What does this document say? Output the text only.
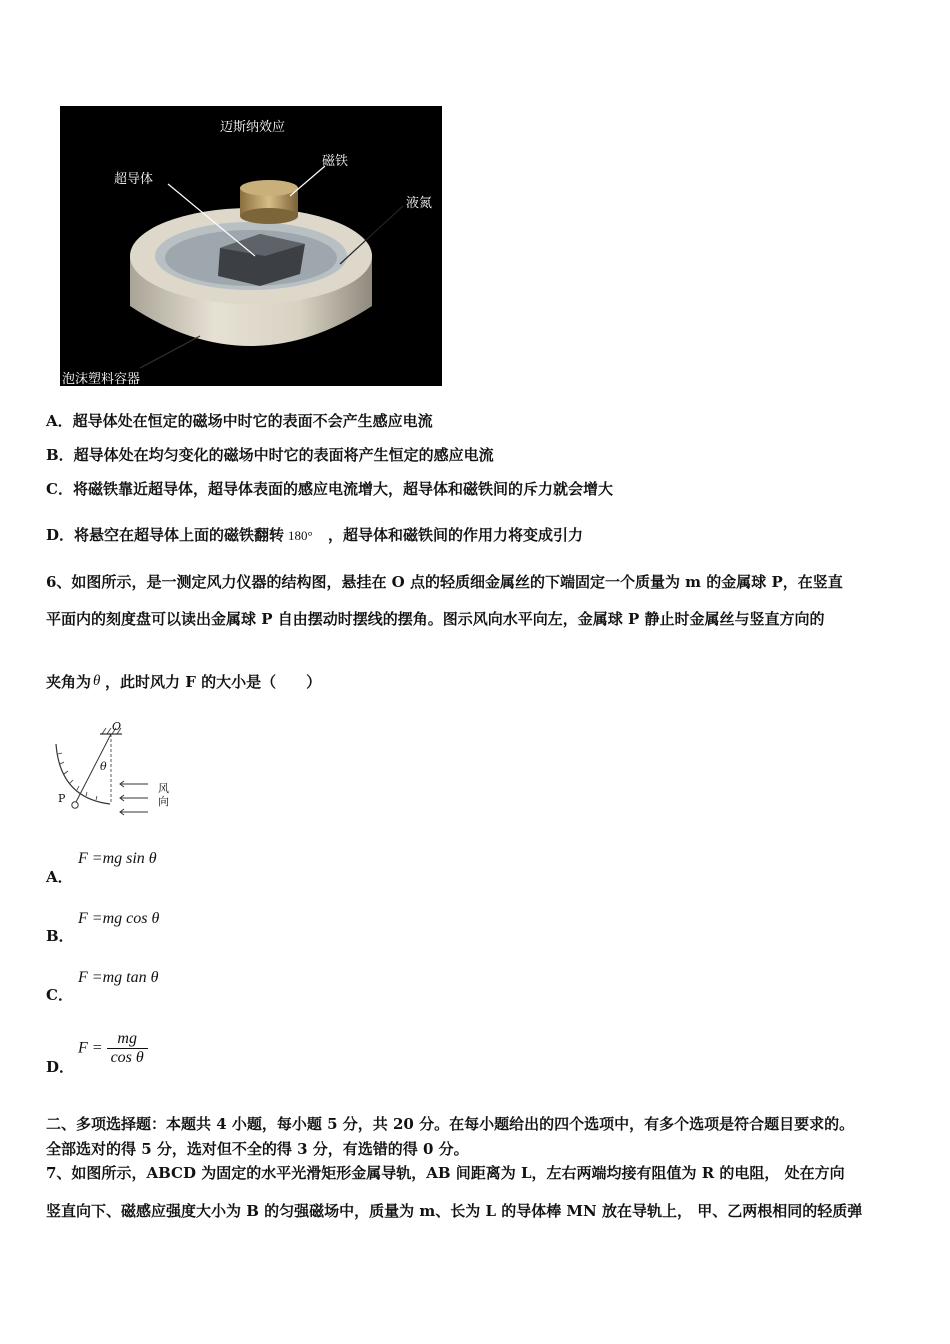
迈斯纳效应
超导体
磁铁
液氮
泡沫塑料容器
A．超导体处在恒定的磁场中时它的表面不会产生感应电流
B．超导体处在均匀变化的磁场中时它的表面将产生恒定的感应电流
C．将磁铁靠近超导体，超导体表面的感应电流增大，超导体和磁铁间的斥力就会增大
D．将悬空在超导体上面的磁铁翻转 180° ，超导体和磁铁间的作用力将变成引力
6、如图所示，是一测定风力仪器的结构图，悬挂在 O 点的轻质细金属丝的下端固定一个质量为 m 的金属球 P，在竖直
平面内的刻度盘可以读出金属球 P 自由摆动时摆线的摆角。图示风向水平向左，金属球 P 静止时金属丝与竖直方向的
夹角为 θ ，此时风力 F 的大小是（　　）
O
θ
P
风向
F =mg sin θ
A．
F =mg cos θ
B．
F =mg tan θ
C．
$F = \frac{mg}{\text{cos θ}}$
D．
二、多项选择题：本题共 4 小题，每小题 5 分，共 20 分。在每小题给出的四个选项中，有多个选项是符合题目要求的。
全部选对的得 5 分，选对但不全的得 3 分，有选错的得 0 分。
7、如图所示，ABCD 为固定的水平光滑矩形金属导轨，AB 间距离为 L，左右两端均接有阻值为 R 的电阻， 处在方向
竖直向下、磁感应强度大小为 B 的匀强磁场中，质量为 m、长为 L 的导体棒 MN 放在导轨上， 甲、乙两根相同的轻质弹
